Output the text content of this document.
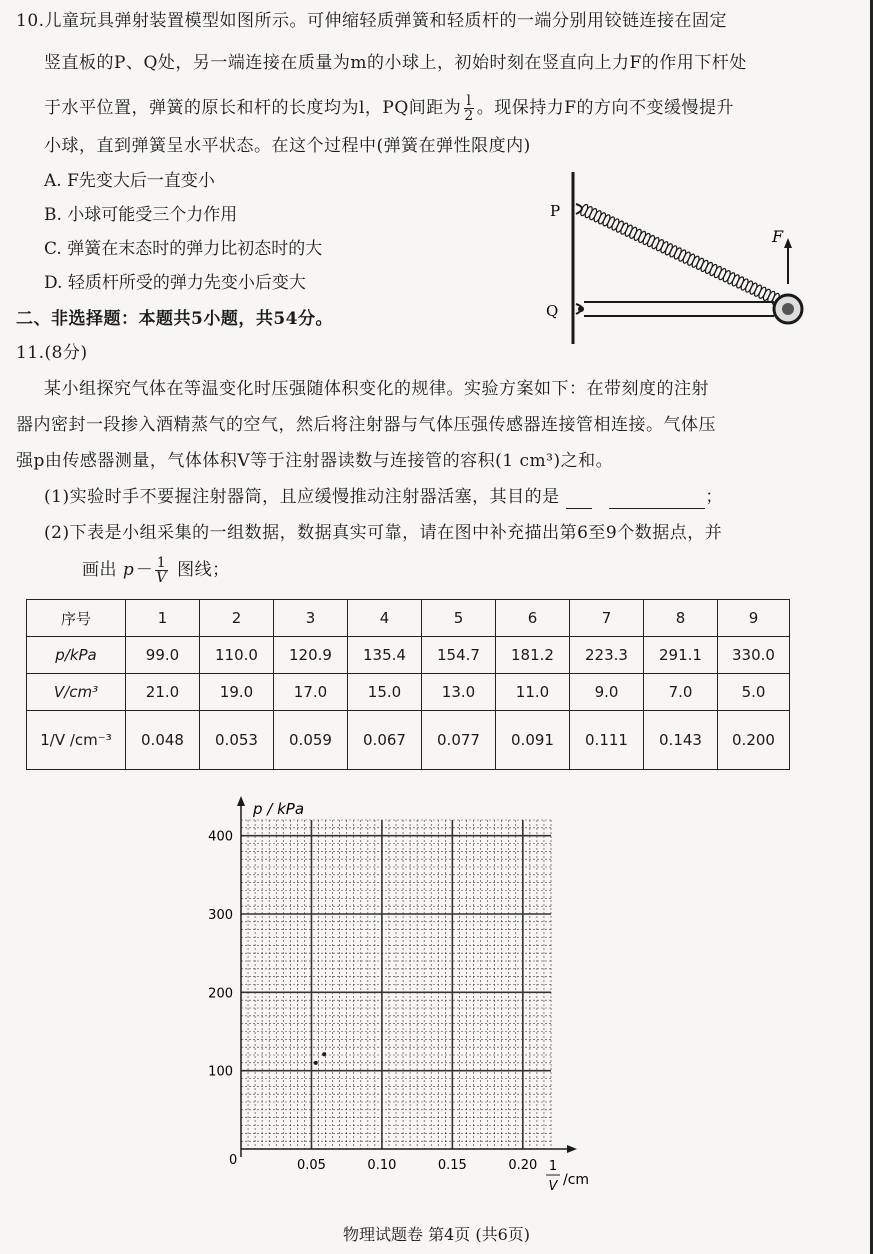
10.儿童玩具弹射装置模型如图所示。可伸缩轻质弹簧和轻质杆的一端分别用铰链连接在固定
竖直板的P、Q处，另一端连接在质量为m的小球上，初始时刻在竖直向上力F的作用下杆处
于水平位置，弹簧的原长和杆的长度均为l，PQ间距为 $\frac{l}{2}$ 。现保持力F的方向不变缓慢提升
小球，直到弹簧呈水平状态。在这个过程中(弹簧在弹性限度内)
A. F先变大后一直变小
B. 小球可能受三个力作用
C. 弹簧在末态时的弹力比初态时的大
D. 轻质杆所受的弹力先变小后变大
P
Q
F
二、非选择题：本题共5小题，共54分。
11.(8分)
某小组探究气体在等温变化时压强随体积变化的规律。实验方案如下：在带刻度的注射
器内密封一段掺入酒精蒸气的空气，然后将注射器与气体压强传感器连接管相连接。气体压
强p由传感器测量，气体体积V等于注射器读数与连接管的容积(1 cm³)之和。
(1)实验时手不要握注射器筒，且应缓慢推动注射器活塞，其目的是	；
(2)下表是小组采集的一组数据，数据真实可靠，请在图中补充描出第6至9个数据点，并
画出 $p- \frac{1}{V}$ 图线；
序号	1	2	3	4	5	6	7	8	9
p/kPa	99.0	110.0	120.9	135.4	154.7	181.2	223.3	291.1	330.0
V/cm³	21.0	19.0	17.0	15.0	13.0	11.0	9.0	7.0	5.0
1/V /cm⁻³	0.048	0.053	0.059	0.067	0.077	0.091	0.111	0.143	0.200
p / kPa
0
400
300
200
100
0.05	0.10	0.15	0.20 1
V /cm
物理试题卷 第4页 (共6页)
